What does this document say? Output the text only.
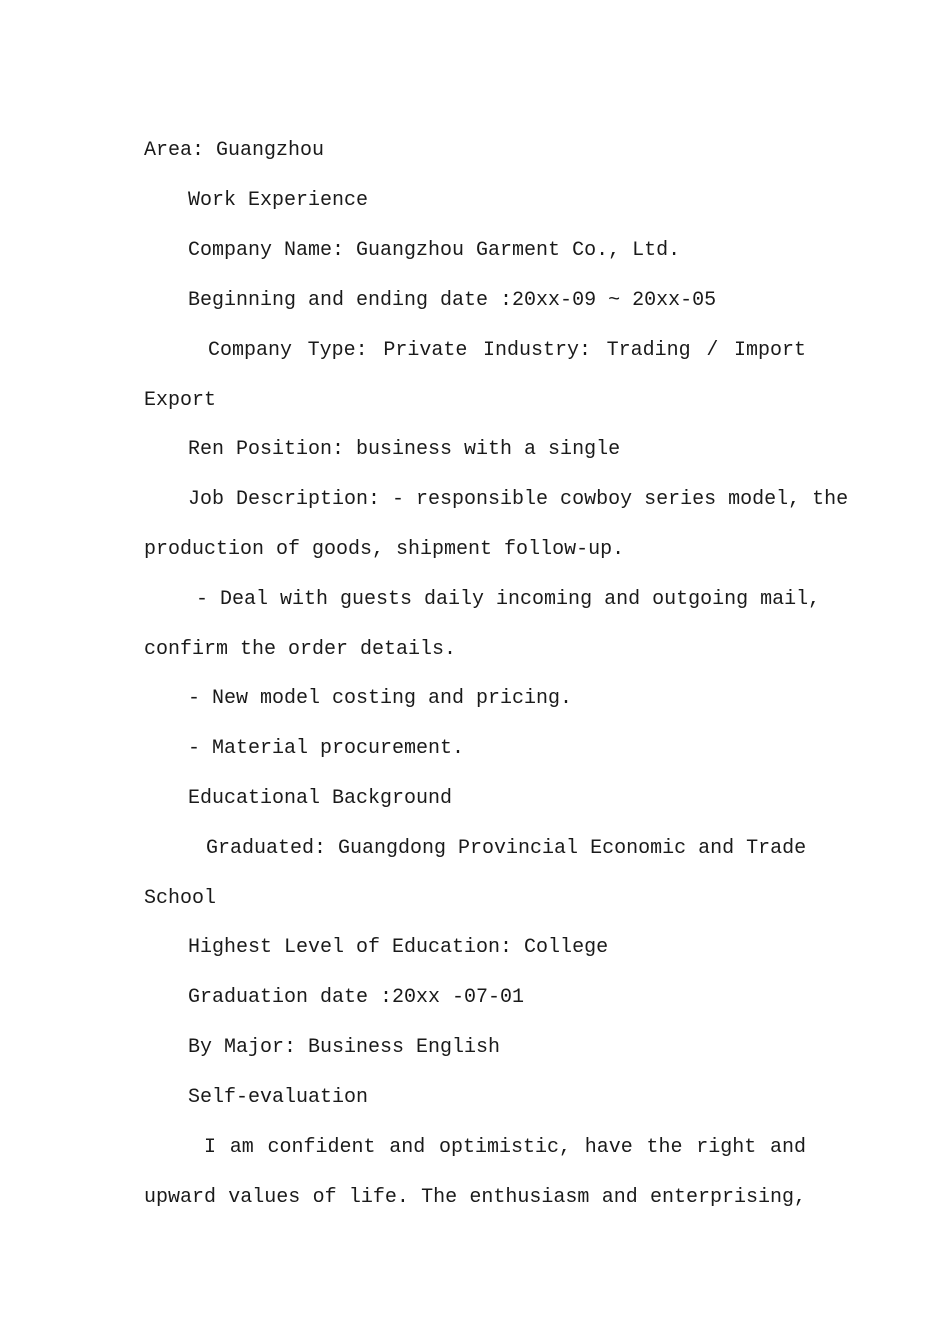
Area: Guangzhou
Work Experience
Company Name: Guangzhou Garment Co., Ltd.
Beginning and ending date :20xx-09 ~ 20xx-05
Company Type: Private Industry: Trading / Import
Export
Ren Position: business with a single
Job Description: - responsible cowboy series model, the
production of goods, shipment follow-up.
- Deal with guests daily incoming and outgoing mail,
confirm the order details.
- New model costing and pricing.
- Material procurement.
Educational Background
Graduated: Guangdong Provincial Economic and Trade
School
Highest Level of Education: College
Graduation date :20xx -07-01
By Major: Business English
Self-evaluation
I am confident and optimistic, have the right and
upward values of life. The enthusiasm and enterprising,
